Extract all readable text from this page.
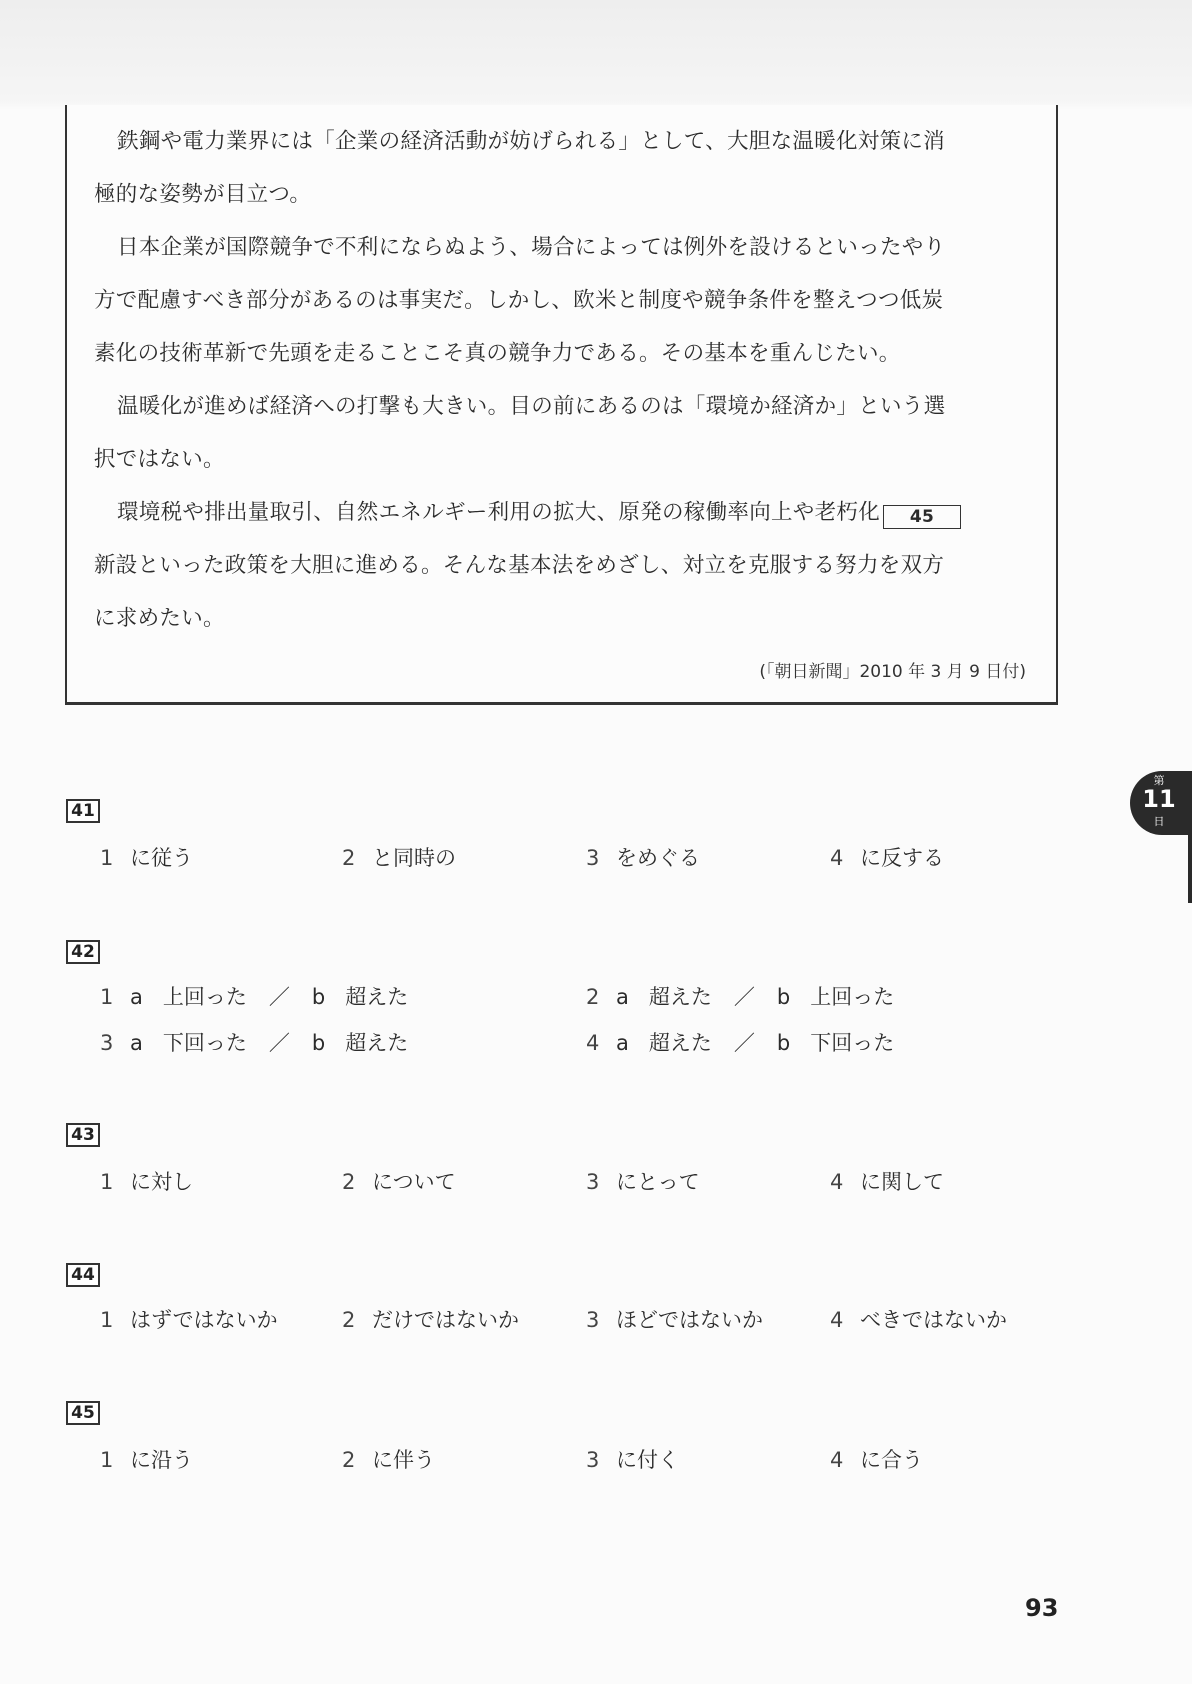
鉄鋼や電力業界には「企業の経済活動が妨げられる」として、大胆な温暖化対策に消
極的な姿勢が目立つ。
日本企業が国際競争で不利にならぬよう、場合によっては例外を設けるといったやり
方で配慮すべき部分があるのは事実だ。しかし、欧米と制度や競争条件を整えつつ低炭
素化の技術革新で先頭を走ることこそ真の競争力である。その基本を重んじたい。
温暖化が進めば経済への打撃も大きい。目の前にあるのは「環境か経済か」という選
択ではない。
環境税や排出量取引、自然エネルギー利用の拡大、原発の稼働率向上や老朽化 45
新設といった政策を大胆に進める。そんな基本法をめざし、対立を克服する努力を双方
に求めたい。
(「朝日新聞」2010 年 3 月 9 日付)
41
1 に従う	2 と同時の	3 をめぐる	4 に反する
42
1 a 上回った ／ b 超えた	2 a 超えた ／ b 上回った
3 a 下回った ／ b 超えた	4 a 超えた ／ b 下回った
43
1 に対し	2 について	3 にとって	4 に関して
44
1 はずではないか	2 だけではないか	3 ほどではないか	4 べきではないか
45
1 に沿う	2 に伴う	3 に付く	4 に合う
第
11
日
93
